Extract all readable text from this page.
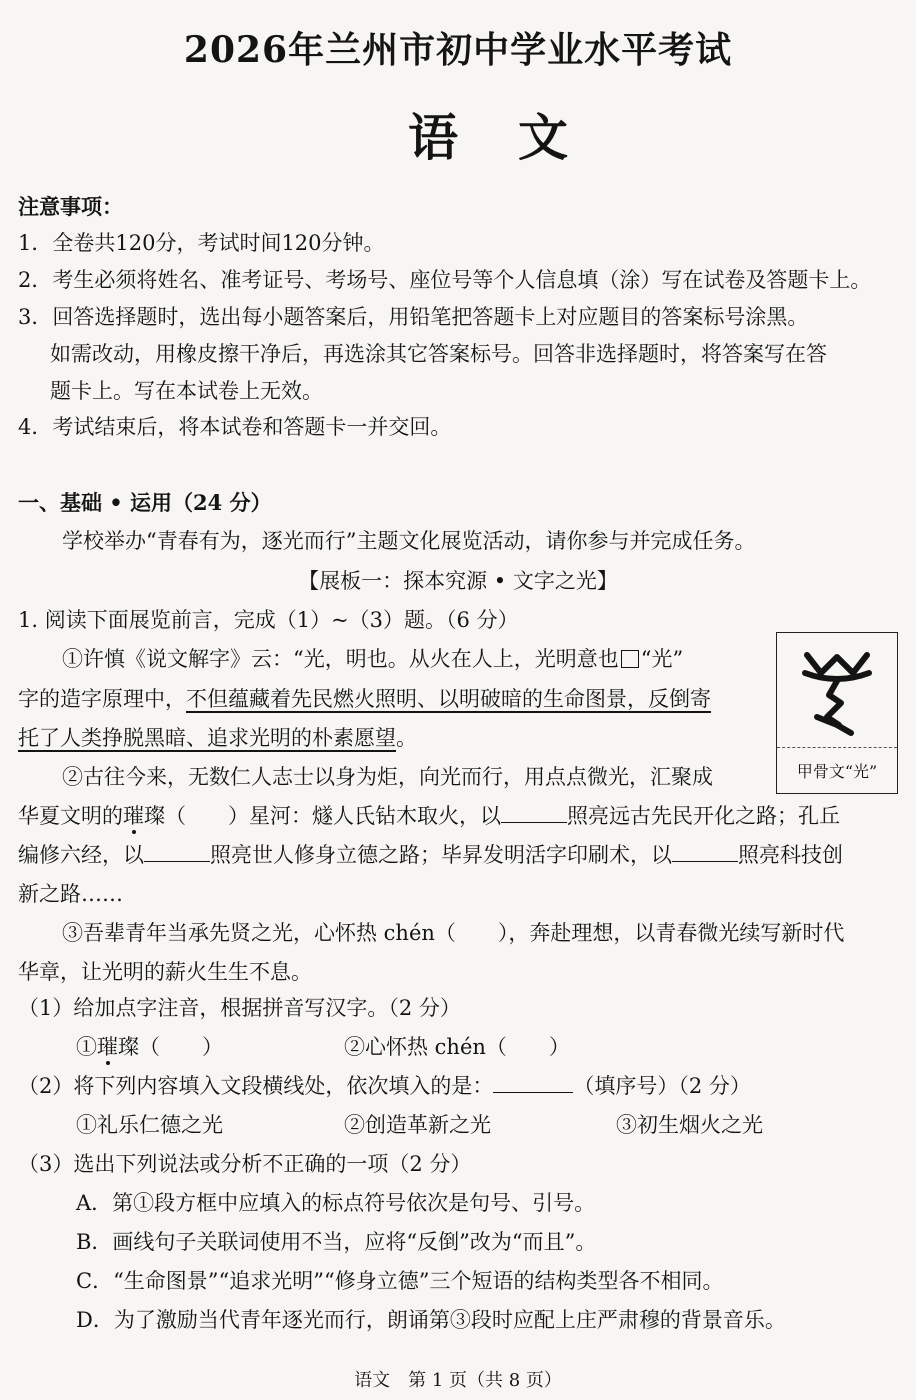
2026年兰州市初中学业水平考试
语文
注意事项：
1．全卷共120分，考试时间120分钟。
2．考生必须将姓名、准考证号、考场号、座位号等个人信息填（涂）写在试卷及答题卡上。
3．回答选择题时，选出每小题答案后，用铅笔把答题卡上对应题目的答案标号涂黑。
如需改动，用橡皮擦干净后，再选涂其它答案标号。回答非选择题时，将答案写在答
题卡上。写在本试卷上无效。
4．考试结束后，将本试卷和答题卡一并交回。
一、基础 • 运用（24 分）
学校举办“青春有为，逐光而行”主题文化展览活动，请你参与并完成任务。
【展板一：探本究源 • 文字之光】
1. 阅读下面展览前言，完成（1）~（3）题。（6 分）
①许慎《说文解字》云：“光，明也。从火在人上，光明意也 “光”
字的造字原理中，不但蕴藏着先民燃火照明、以明破暗的生命图景，反倒寄
托了人类挣脱黑暗、追求光明的朴素愿望。
②古往今来，无数仁人志士以身为炬，向光而行，用点点微光，汇聚成
华夏文明的璀璨（　　）星河：燧人氏钻木取火，以	照亮远古先民开化之路；孔丘
编修六经，以	照亮世人修身立德之路；毕昇发明活字印刷术，以	照亮科技创
新之路……
③吾辈青年当承先贤之光，心怀热 chén（　　），奔赴理想，以青春微光续写新时代
华章，让光明的薪火生生不息。
甲骨文“光”
（1）给加点字注音，根据拼音写汉字。（2 分）
①璀璨（　　）	②心怀热 chén（　　）
（2）将下列内容填入文段横线处，依次填入的是：	（填序号）（2 分）
①礼乐仁德之光	②创造革新之光	③初生烟火之光
（3）选出下列说法或分析不正确的一项（2 分）
A．第①段方框中应填入的标点符号依次是句号、引号。
B．画线句子关联词使用不当，应将“反倒”改为“而且”。
C．“生命图景”“追求光明”“修身立德”三个短语的结构类型各不相同。
D．为了激励当代青年逐光而行，朗诵第③段时应配上庄严肃穆的背景音乐。
语文　第 1 页（共 8 页）
